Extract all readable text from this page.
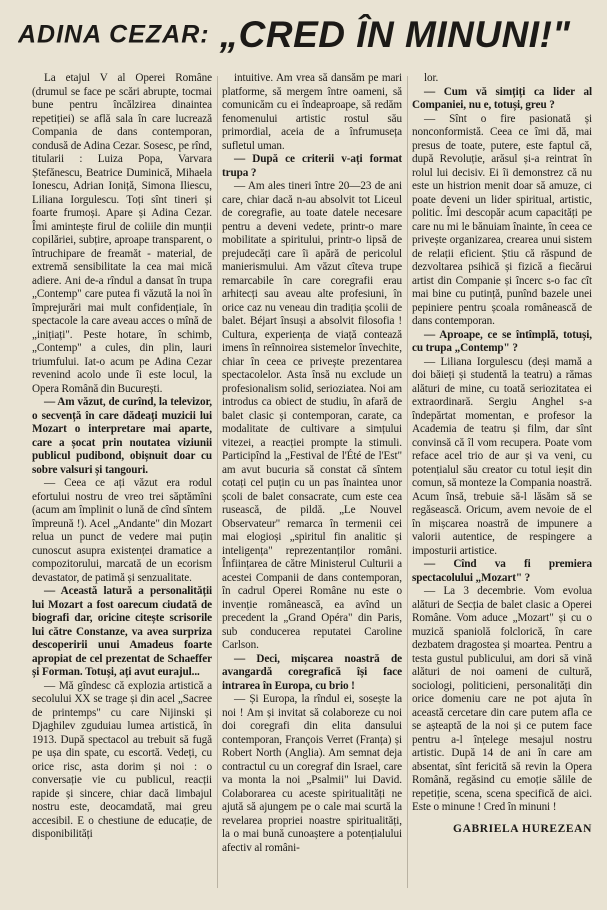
ADINA CEZAR: „CRED ÎN MINUNI!"

La etajul V al Operei Române (drumul se face pe scări abrupte, tocmai bune pentru încălzirea dinaintea repetiției) se află sala în care lucrează Compania de dans contemporan, condusă de Adina Cezar. Sosesc, pe rînd, titularii : Luiza Popa, Varvara Ștefănescu, Beatrice Duminică, Mihaela Ionescu, Adrian Ioniță, Simona Iliescu, Liliana Iorgulescu. Toți sînt tineri și foarte frumoși. Apare și Adina Cezar. Îmi amintește firul de coliile din munții copilăriei, subțire, aproape transparent, o întruchipare de freamăt - material, de extremă sensibilitate la cea mai mică adiere. Ani de-a rîndul a dansat în trupa „Contemp" care putea fi văzută la noi în împrejurări mai mult confidențiale, în spectacole la care aveau acces o mînă de „inițiați". Peste hotare, în schimb, „Contemp" a cules, din plin, lauri triumfului. Iat-o acum pe Adina Cezar revenind acolo unde îi este locul, la Opera Română din București.

— Am văzut, de curînd, la televizor, o secvență în care dădeați muzicii lui Mozart o interpretare mai aparte, care a șocat prin noutatea viziunii publicul pudibond, obișnuit doar cu sobre valsuri și tangouri.

— Ceea ce ați văzut era rodul efortului nostru de vreo trei săptămîni (acum am împlinit o lună de cînd sîntem împreună !). Acel „Andante" din Mozart relua un punct de vedere mai puțin cunoscut asupra existenței dramatice a compozitorului, marcată de un ecorism devastator, de patimă și senzualitate.

— Această latură a personalității lui Mozart a fost oarecum ciudată de biografi dar, oricine citește scrisorile lui către Constanze, va avea surpriza descoperirii unui Amadeus foarte apropiat de cel prezentat de Schaeffer și Forman. Totuși, ați avut eurajul...

— Mă gîndesc că explozia artistică a secolului XX se trage și din acel „Sacree de printemps" cu care Nijinski și Djaghilev zguduiau lumea artistică, în 1913. După spectacol au trebuit să fugă pe ușa din spate, cu escortă. Vedeți, cu orice risc, asta dorim și noi : o conversație vie cu publicul, reacții rapide și sincere, chiar dacă limbajul nostru este, deocamdată, mai greu accesibil. E o chestiune de educație, de disponibilități

intuitive. Am vrea să dansăm pe mari platforme, să mergem între oameni, să comunicăm cu ei îndeaproape, să redăm fenomenului artistic rostul său primordial, aceia de a înfrumuseța sufletul uman.

— După ce criterii v-ați format trupa ?

— Am ales tineri între 20—23 de ani care, chiar dacă n-au absolvit tot Liceul de coregrafie, au toate datele necesare pentru a deveni vedete, printr-o mare mobilitate a spiritului, printr-o lipsă de prejudecăți care îi apără de pericolul manierismului. Am văzut cîteva trupe remarcabile în care coregrafii erau arhitecți sau aveau alte profesiuni, în orice caz nu veneau din tradiția școlii de balet. Béjart însuși a absolvit filosofia ! Cultura, experiența de viață contează imens în reînnoirea sistemelor învechite, chiar în ceea ce privește prezentarea spectacolelor. Asta însă nu exclude un profesionalism solid, serioziatea. Noi am introdus ca obiect de studiu, în afară de balet clasic și contemporan, carate, ca modalitate de cultivare a simțului vitezei, a reacției prompte la stimuli. Participînd la „Festival de l'Été de l'Est" am avut bucuria să constat că sîntem cotați cel puțin cu un pas înaintea unor școli de balet consacrate, cum este cea rusească, de pildă. „Le Nouvel Observateur" remarca în termenii cei mai elogioși „spiritul fin analitic și inteligența" reprezentanților români. Înființarea de către Ministerul Culturii a acestei Companii de dans contemporan, în cadrul Operei Române nu este o invenție românească, ea avînd un precedent la „Grand Opéra" din Paris, sub conducerea reputatei Caroline Carlson.

— Deci, mișcarea noastră de avangardă coregrafică își face intrarea în Europa, cu brio !

— Și Europa, la rîndul ei, sosește la noi ! Am și invitat să colaboreze cu noi doi coregrafi din elita dansului contemporan, François Verret (Franța) și Robert North (Anglia). Am semnat deja contractul cu un coregraf din Israel, care va monta la noi „Psalmii" lui David. Colaborarea cu aceste spiritualități ne ajută să ajungem pe o cale mai scurtă la revelarea propriei noastre spiritualități, la o mai bună cunoaștere a potențialului afectiv al români-

lor.

— Cum vă simțiți ca lider al Companiei, nu e, totuși, greu ?

— Sînt o fire pasionată și nonconformistă. Ceea ce îmi dă, mai presus de toate, putere, este faptul că, după Revoluție, arăsul și-a reintrat în rolul lui decisiv. Ei îi demonstrez că nu este un histrion menit doar să amuze, ci poate deveni un lider spiritual, artistic, politic. Îmi descopăr acum capacități pe care nu mi le bănuiam înainte, în ceea ce privește organizarea, crearea unui sistem de relații eficient. Știu că răspund de dezvoltarea psihică și fizică a fiecărui artist din Companie și încerc s-o fac cît mai bine cu putință, punînd bazele unei pepiniere pentru școala românească de dans contemporan.

— Aproape, ce se întîmplă, totuși, cu trupa „Contemp" ?

— Liliana Iorgulescu (deși mamă a doi băieți și studentă la teatru) a rămas alături de mine, cu toată seriozitatea ei extraordinară. Sergiu Anghel s-a îndepărtat momentan, e profesor la Academia de teatru și film, dar sînt convinsă că îl vom recupera. Poate vom reface acel trio de aur și va veni, cu potențialul său creator cu totul ieșit din comun, să monteze la Compania noastră. Acum însă, trebuie să-l lăsăm să se regăsească. Oricum, avem nevoie de el în mișcarea noastră de impunere a valorii autentice, de respingere a imposturii artistice.

— Cînd va fi premiera spectacolului „Mozart" ?

— La 3 decembrie. Vom evolua alături de Secția de balet clasic a Operei Române. Vom aduce „Mozart" și cu o muzică spaniolă folclorică, în care dezbatem dragostea și moartea. Pentru a testa gustul publicului, am dori să vină alături de noi oameni de cultură, sociologi, politicieni, personalități din orice domeniu care ne pot ajuta în această cercetare din care putem afla ce se așteaptă de la noi și ce putem face pentru a-l înțelege mesajul nostru artistic. După 14 de ani în care am absentat, sînt fericită să revin la Opera Română, regăsind cu emoție sălile de repetiție, scena, scena specifică de aici. Este o minune ! Cred în minuni !

GABRIELA HUREZEAN
